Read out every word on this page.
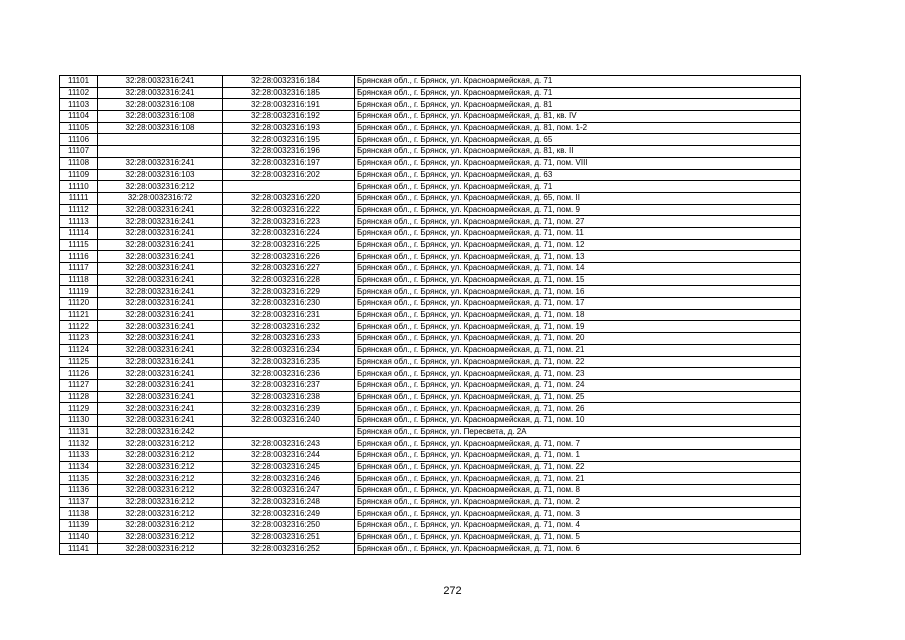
11101	32:28:0032316:241	32:28:0032316:184	Брянская обл., г. Брянск, ул. Красноармейская, д. 71
11102	32:28:0032316:241	32:28:0032316:185	Брянская обл., г. Брянск, ул. Красноармейская, д. 71
11103	32:28:0032316:108	32:28:0032316:191	Брянская обл., г. Брянск, ул. Красноармейская, д. 81
11104	32:28:0032316:108	32:28:0032316:192	Брянская обл., г. Брянск, ул. Красноармейская, д. 81, кв. IV
11105	32:28:0032316:108	32:28:0032316:193	Брянская обл., г. Брянск, ул. Красноармейская, д. 81, пом. 1-2
11106		32:28:0032316:195	Брянская обл., г. Брянск, ул. Красноармейская, д. 65
11107		32:28:0032316:196	Брянская обл., г. Брянск, ул. Красноармейская, д. 81, кв. II
11108	32:28:0032316:241	32:28:0032316:197	Брянская обл., г. Брянск, ул. Красноармейская, д. 71, пом. VIII
11109	32:28:0032316:103	32:28:0032316:202	Брянская обл., г. Брянск, ул. Красноармейская, д. 63
11110	32:28:0032316:212		Брянская обл., г. Брянск, ул. Красноармейская, д. 71
11111	32:28:0032316:72	32:28:0032316:220	Брянская обл., г. Брянск, ул. Красноармейская, д. 65, пом. II
11112	32:28:0032316:241	32:28:0032316:222	Брянская обл., г. Брянск, ул. Красноармейская, д. 71, пом. 9
11113	32:28:0032316:241	32:28:0032316:223	Брянская обл., г. Брянск, ул. Красноармейская, д. 71, пом. 27
11114	32:28:0032316:241	32:28:0032316:224	Брянская обл., г. Брянск, ул. Красноармейская, д. 71, пом. 11
11115	32:28:0032316:241	32:28:0032316:225	Брянская обл., г. Брянск, ул. Красноармейская, д. 71, пом. 12
11116	32:28:0032316:241	32:28:0032316:226	Брянская обл., г. Брянск, ул. Красноармейская, д. 71, пом. 13
11117	32:28:0032316:241	32:28:0032316:227	Брянская обл., г. Брянск, ул. Красноармейская, д. 71, пом. 14
11118	32:28:0032316:241	32:28:0032316:228	Брянская обл., г. Брянск, ул. Красноармейская, д. 71, пом. 15
11119	32:28:0032316:241	32:28:0032316:229	Брянская обл., г. Брянск, ул. Красноармейская, д. 71, пом. 16
11120	32:28:0032316:241	32:28:0032316:230	Брянская обл., г. Брянск, ул. Красноармейская, д. 71, пом. 17
11121	32:28:0032316:241	32:28:0032316:231	Брянская обл., г. Брянск, ул. Красноармейская, д. 71, пом. 18
11122	32:28:0032316:241	32:28:0032316:232	Брянская обл., г. Брянск, ул. Красноармейская, д. 71, пом. 19
11123	32:28:0032316:241	32:28:0032316:233	Брянская обл., г. Брянск, ул. Красноармейская, д. 71, пом. 20
11124	32:28:0032316:241	32:28:0032316:234	Брянская обл., г. Брянск, ул. Красноармейская, д. 71, пом. 21
11125	32:28:0032316:241	32:28:0032316:235	Брянская обл., г. Брянск, ул. Красноармейская, д. 71, пом. 22
11126	32:28:0032316:241	32:28:0032316:236	Брянская обл., г. Брянск, ул. Красноармейская, д. 71, пом. 23
11127	32:28:0032316:241	32:28:0032316:237	Брянская обл., г. Брянск, ул. Красноармейская, д. 71, пом. 24
11128	32:28:0032316:241	32:28:0032316:238	Брянская обл., г. Брянск, ул. Красноармейская, д. 71, пом. 25
11129	32:28:0032316:241	32:28:0032316:239	Брянская обл., г. Брянск, ул. Красноармейская, д. 71, пом. 26
11130	32:28:0032316:241	32:28:0032316:240	Брянская обл., г. Брянск, ул. Красноармейская, д. 71, пом. 10
11131	32:28:0032316:242		Брянская обл., г. Брянск, ул. Пересвета, д. 2А
11132	32:28:0032316:212	32:28:0032316:243	Брянская обл., г. Брянск, ул. Красноармейская, д. 71, пом. 7
11133	32:28:0032316:212	32:28:0032316:244	Брянская обл., г. Брянск, ул. Красноармейская, д. 71, пом. 1
11134	32:28:0032316:212	32:28:0032316:245	Брянская обл., г. Брянск, ул. Красноармейская, д. 71, пом. 22
11135	32:28:0032316:212	32:28:0032316:246	Брянская обл., г. Брянск, ул. Красноармейская, д. 71, пом. 21
11136	32:28:0032316:212	32:28:0032316:247	Брянская обл., г. Брянск, ул. Красноармейская, д. 71, пом. 8
11137	32:28:0032316:212	32:28:0032316:248	Брянская обл., г. Брянск, ул. Красноармейская, д. 71, пом. 2
11138	32:28:0032316:212	32:28:0032316:249	Брянская обл., г. Брянск, ул. Красноармейская, д. 71, пом. 3
11139	32:28:0032316:212	32:28:0032316:250	Брянская обл., г. Брянск, ул. Красноармейская, д. 71, пом. 4
11140	32:28:0032316:212	32:28:0032316:251	Брянская обл., г. Брянск, ул. Красноармейская, д. 71, пом. 5
11141	32:28:0032316:212	32:28:0032316:252	Брянская обл., г. Брянск, ул. Красноармейская, д. 71, пом. 6
272
